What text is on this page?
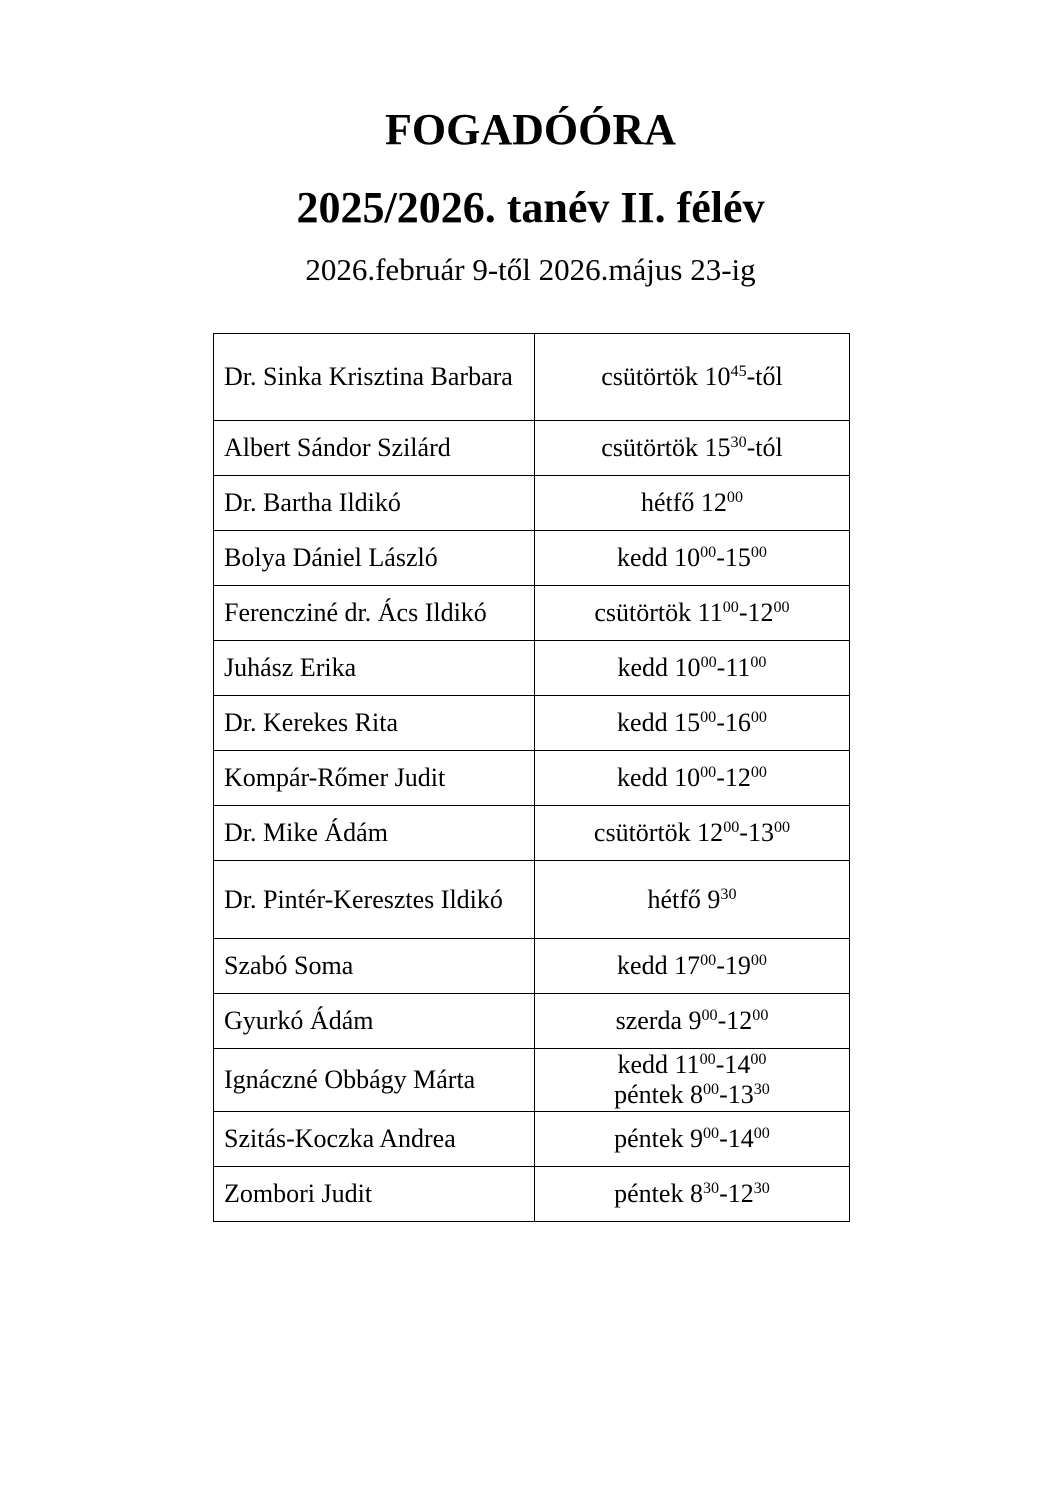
FOGADÓÓRA
2025/2026. tanév II. félév

2026.február 9-től 2026.május 23-ig

Dr. Sinka Krisztina Barbara	csütörtök $10^{45}$-től

Albert Sándor Szilárd	csütörtök $15^{30}$-tól

Dr. Bartha Ildikó	hétfő $12^{00}$

Bolya Dániel László	kedd $10^{00}-15^{00}$

Ferencziné dr. Ács Ildikó	csütörtök $11^{00}-12^{00}$

Juhász Erika	kedd $10^{00}-11^{00}$

Dr. Kerekes Rita	kedd $15^{00}-16^{00}$

Kompár-Rőmer Judit	kedd $10^{00}-12^{00}$

Dr. Mike Ádám	csütörtök $12^{00}-13^{00}$

Dr. Pintér-Keresztes Ildikó	hétfő $9^{30}$

Szabó Soma	kedd $17^{00}-19^{00}$

Gyurkó Ádám	szerda $9^{00}-12^{00}$

Ignáczné Obbágy Márta	kedd $11^{00}-14^{00}$
péntek $8^{00}-13^{30}$

Szitás-Koczka Andrea	péntek $9^{00}-14^{00}$

Zombori Judit	péntek $8^{30}-12^{30}$
